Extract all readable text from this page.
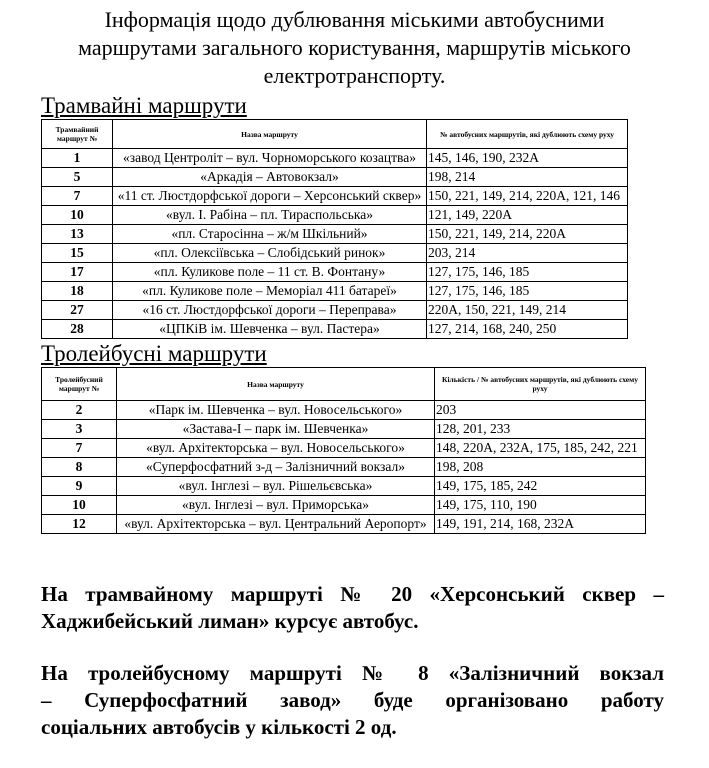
Інформація щодо дублювання міськими автобусними
маршрутами загального користування, маршрутів міського
електротранспорту.
Трамвайні маршрути
Трамвайний маршрут №	Назва маршруту	№ автобусних маршрутів, які дублюють схему руху
1	«завод Центроліт – вул. Чорноморського козацтва»	145, 146, 190, 232А
5	«Аркадія – Автовокзал»	198, 214
7	«11 ст. Люстдорфської дороги – Херсонський сквер»	150, 221, 149, 214, 220А, 121, 146
10	«вул. І. Рабіна – пл. Тираспольська»	121, 149, 220А
13	«пл. Старосінна – ж/м Шкільний»	150, 221, 149, 214, 220А
15	«пл. Олексіївська – Слобідський ринок»	203, 214
17	«пл. Куликове поле – 11 ст. В. Фонтану»	127, 175, 146, 185
18	«пл. Куликове поле – Меморіал 411 батареї»	127, 175, 146, 185
27	«16 ст. Люстдорфської дороги – Переправа»	220А, 150, 221, 149, 214
28	«ЦПКіВ ім. Шевченка – вул. Пастера»	127, 214, 168, 240, 250
Тролейбусні маршрути
Тролейбусний маршрут №	Назва маршруту	Кількість / № автобусних маршрутів, які дублюють схему руху
2	«Парк ім. Шевченка – вул. Новосельського»	203
3	«Застава-І – парк ім. Шевченка»	128, 201, 233
7	«вул. Архітекторська – вул. Новосельського»	148, 220А, 232А, 175, 185, 242, 221
8	«Суперфосфатний з-д – Залізничний вокзал»	198, 208
9	«вул. Інглезі – вул. Рішельєвська»	149, 175, 185, 242
10	«вул. Інглезі – вул. Приморська»	149, 175, 110, 190
12	«вул. Архітекторська – вул. Центральний Аеропорт»	149, 191, 214, 168, 232А
На трамвайному маршруті № 20 «Херсонський сквер –
Хаджибейський лиман» курсує автобус.
На тролейбусному маршруті № 8 «Залізничний вокзал
– Суперфосфатний завод» буде організовано работу
соціальних автобусів у кількості 2 од.
